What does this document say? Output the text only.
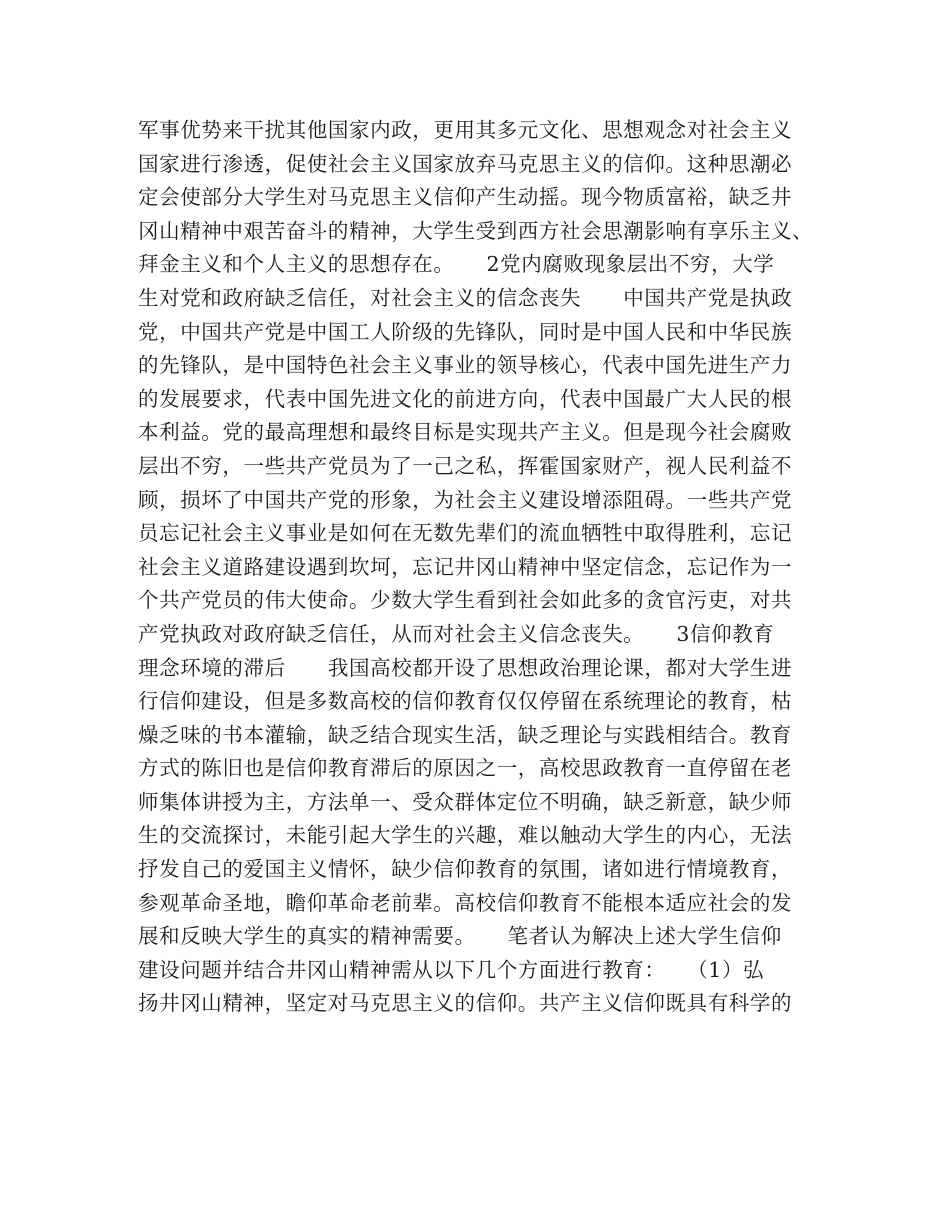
军事优势来干扰其他国家内政，更用其多元文化、思想观念对社会主义
国家进行渗透，促使社会主义国家放弃马克思主义的信仰。这种思潮必
定会使部分大学生对马克思主义信仰产生动摇。现今物质富裕，缺乏井
冈山精神中艰苦奋斗的精神，大学生受到西方社会思潮影响有享乐主义、
拜金主义和个人主义的思想存在。　　2党内腐败现象层出不穷，大学
生对党和政府缺乏信任，对社会主义的信念丧失　　中国共产党是执政
党，中国共产党是中国工人阶级的先锋队，同时是中国人民和中华民族
的先锋队，是中国特色社会主义事业的领导核心，代表中国先进生产力
的发展要求，代表中国先进文化的前进方向，代表中国最广大人民的根
本利益。党的最高理想和最终目标是实现共产主义。但是现今社会腐败
层出不穷，一些共产党员为了一己之私，挥霍国家财产，视人民利益不
顾，损坏了中国共产党的形象，为社会主义建设增添阻碍。一些共产党
员忘记社会主义事业是如何在无数先辈们的流血牺牲中取得胜利，忘记
社会主义道路建设遇到坎坷，忘记井冈山精神中坚定信念，忘记作为一
个共产党员的伟大使命。少数大学生看到社会如此多的贪官污吏，对共
产党执政对政府缺乏信任，从而对社会主义信念丧失。　　3信仰教育
理念环境的滞后　　我国高校都开设了思想政治理论课，都对大学生进
行信仰建设，但是多数高校的信仰教育仅仅停留在系统理论的教育，枯
燥乏味的书本灌输，缺乏结合现实生活，缺乏理论与实践相结合。教育
方式的陈旧也是信仰教育滞后的原因之一，高校思政教育一直停留在老
师集体讲授为主，方法单一、受众群体定位不明确，缺乏新意，缺少师
生的交流探讨，未能引起大学生的兴趣，难以触动大学生的内心，无法
抒发自己的爱国主义情怀，缺少信仰教育的氛围，诸如进行情境教育，
参观革命圣地，瞻仰革命老前辈。高校信仰教育不能根本适应社会的发
展和反映大学生的真实的精神需要。　　笔者认为解决上述大学生信仰
建设问题并结合井冈山精神需从以下几个方面进行教育：　　（1）弘
扬井冈山精神，坚定对马克思主义的信仰。共产主义信仰既具有科学的
